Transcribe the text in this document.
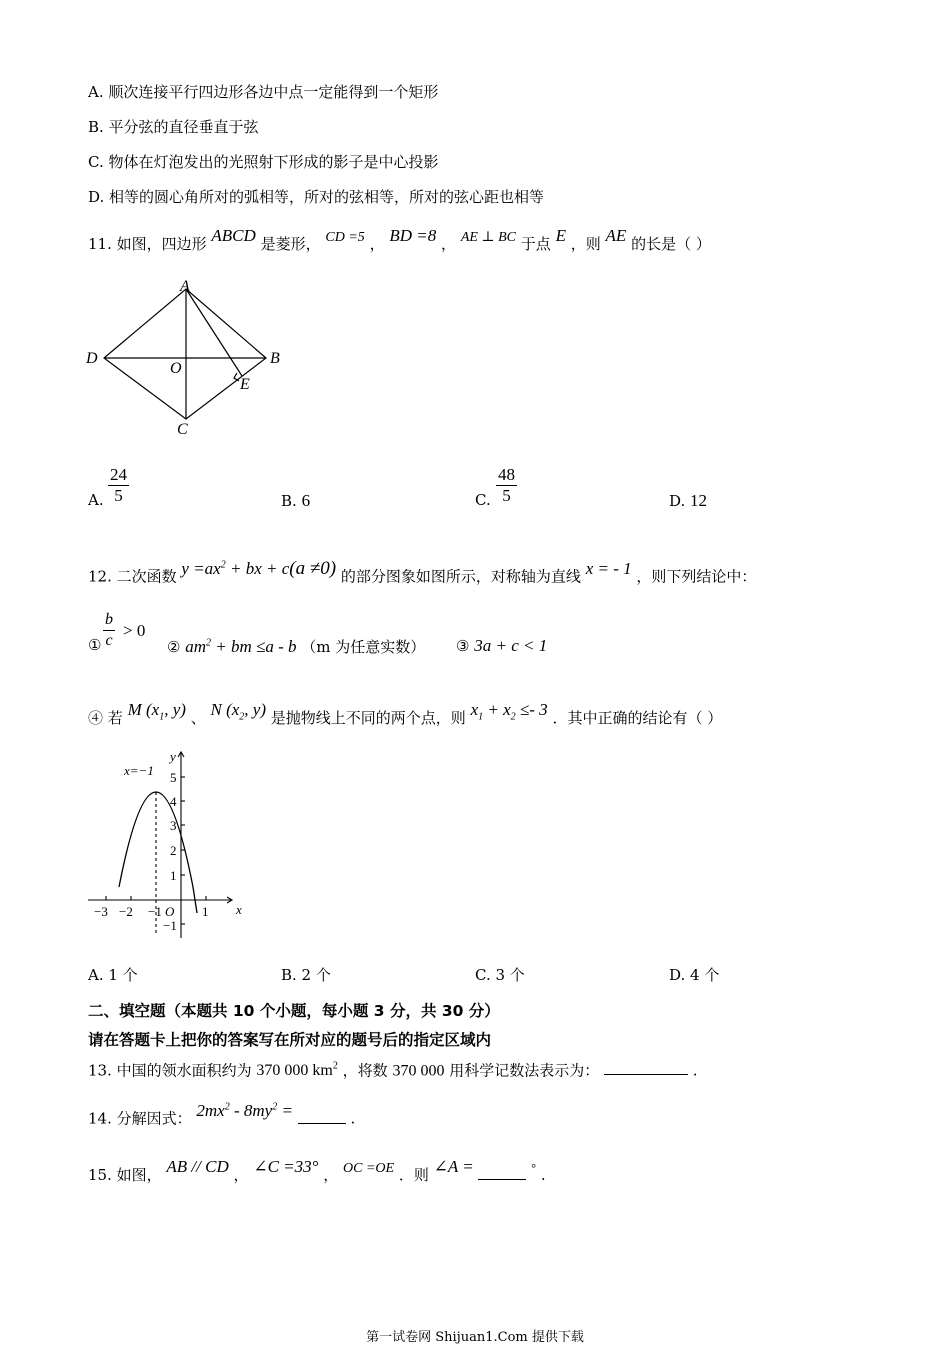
A. 顺次连接平行四边形各边中点一定能得到一个矩形
B. 平分弦的直径垂直于弦
C. 物体在灯泡发出的光照射下形成的影子是中心投影
D. 相等的圆心角所对的弧相等，所对的弦相等，所对的弦心距也相等
11. 如图，四边形 ABCD 是菱形， CD =5 ， BD =8 ， AE ⊥ BC 于点 E ，则 AE 的长是（ ）
A
B
C
D
O
E
A. $\frac{24}{5}$	B. 6	C. $\frac{48}{5}$	D. 12
12. 二次函数 $y =ax^2$ + bx + c(a ≠0) 的部分图象如图所示，对称轴为直线 x = - 1 ，则下列结论中：
① $\frac{b}{c} > 0$
② $am^2$ + bm ≤a - b （m 为任意实数） ③ 3a + c < 1
④ 若 M ($x_1$, y) 、 N ($x_2$, y) 是抛物线上不同的两个点，则 $x_1 + x_2 \le- 3$ ．其中正确的结论有（ ）
x=−1
x
y
O
−3 −2 −1	1
5
4
3
2
1
−1
A. 1 个	B. 2 个	C. 3 个	D. 4 个
二、填空题（本题共 10 个小题，每小题 3 分，共 30 分）
请在答题卡上把你的答案写在所对应的题号后的指定区域内
13. 中国的领水面积约为 370 000 $km^2$ ，将数 370 000 用科学记数法表示为：	.
14. 分解因式： $2mx^2 - 8my^2$ =	.
15. 如图， AB // CD ， ∠C =33° ， OC =OE ．则 ∠A =	° .
第一试卷网 Shijuan1.Com 提供下载
